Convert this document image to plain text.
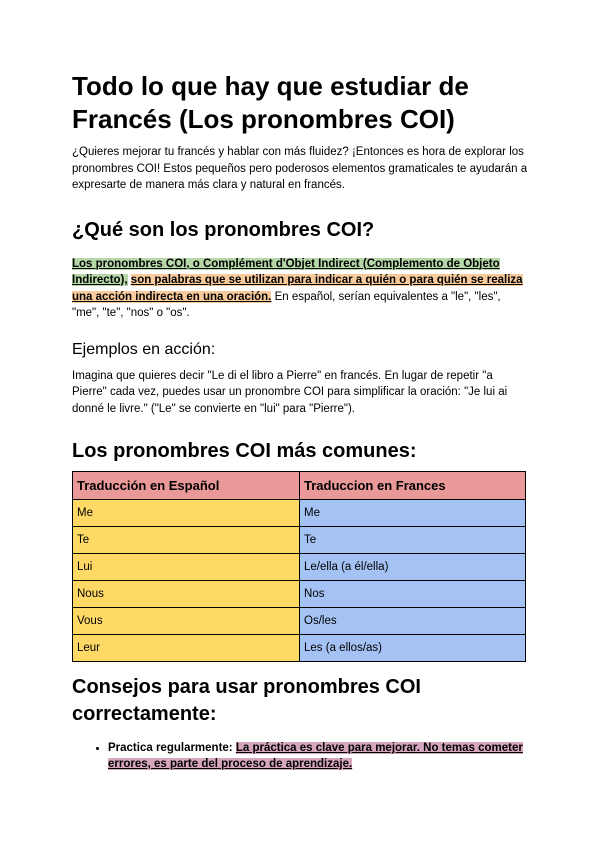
Todo lo que hay que estudiar de Francés (Los pronombres COI)

¿Quieres mejorar tu francés y hablar con más fluidez? ¡Entonces es hora de explorar los pronombres COI! Estos pequeños pero poderosos elementos gramaticales te ayudarán a expresarte de manera más clara y natural en francés.

¿Qué son los pronombres COI?

Los pronombres COI, o Complément d'Objet Indirect (Complemento de Objeto Indirecto), son palabras que se utilizan para indicar a quién o para quién se realiza una acción indirecta en una oración. En español, serían equivalentes a "le", "les", "me", "te", "nos" o "os".

Ejemplos en acción:

Imagina que quieres decir "Le di el libro a Pierre" en francés. En lugar de repetir "a Pierre" cada vez, puedes usar un pronombre COI para simplificar la oración: "Je lui ai donné le livre." ("Le" se convierte en "lui" para "Pierre").

Los pronombres COI más comunes:
Traducción en Español	Traduccion en Frances
Me	Me
Te	Te
Lui	Le/ella (a él/ella)
Nous	Nos
Vous	Os/les
Leur	Les (a ellos/as)
Consejos para usar pronombres COI correctamente:
• Practica regularmente: La práctica es clave para mejorar. No temas cometer errores, es parte del proceso de aprendizaje.
